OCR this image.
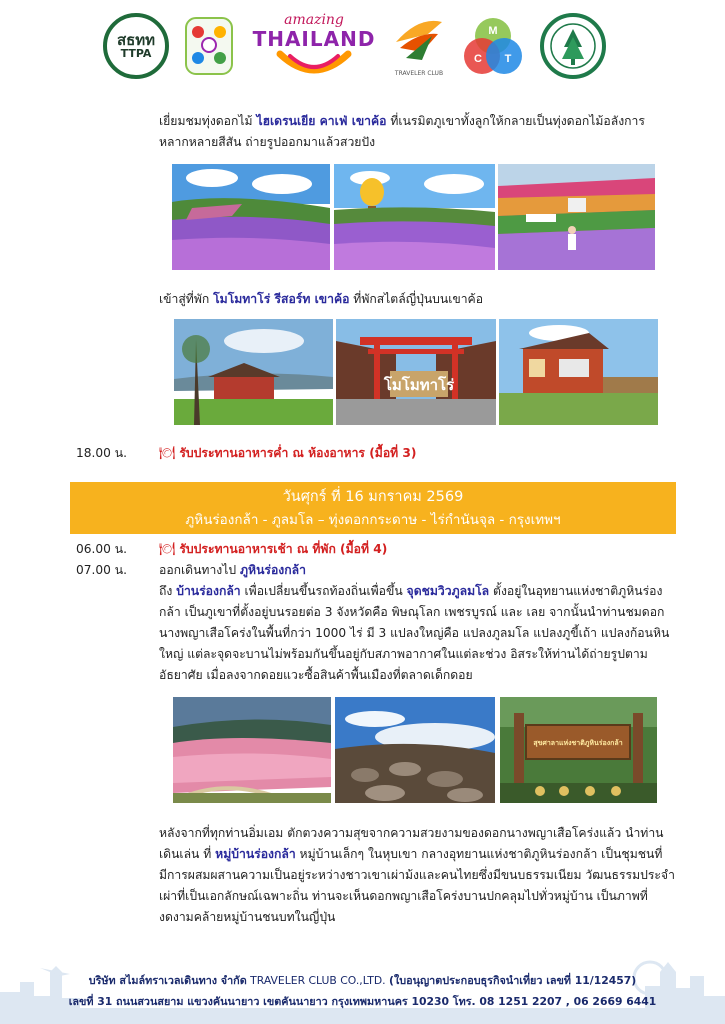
สธทท
TTPA
amazing
THAILAND
TRAVELER CLUB
M
C T
เยี่ยมชมทุ่งดอกไม้ ไฮเดรนเยีย คาเฟ่ เขาค้อ ที่เนรมิตภูเขาทั้งลูกให้กลายเป็นทุ่งดอกไม้อลังการ
หลากหลายสีสัน ถ่ายรูปออกมาแล้วสวยปัง
เข้าสู่ที่พัก โมโมทาโร่ รีสอร์ท เขาค้อ ที่พักสไตล์ญี่ปุ่นบนเขาค้อ
โมโมทาโร่
18.00 น. 🍽 รับประทานอาหารค่ำ ณ ห้องอาหาร (มื้อที่ 3)
วันศุกร์ ที่ 16 มกราคม 2569
ภูหินร่องกล้า - ภูลมโล – ทุ่งดอกกระดาษ - ไร่กำนันจุล - กรุงเทพฯ
06.00 น. 🍽 รับประทานอาหารเช้า ณ ที่พัก (มื้อที่ 4)
07.00 น.	ออกเดินทางไป ภูหินร่องกล้า
ถึง บ้านร่องกล้า เพื่อเปลี่ยนขึ้นรถท้องถิ่นเพื่อขึ้น จุดชมวิวภูลมโล ตั้งอยู่ในอุทยานแห่งชาติภูหินร่อง
กล้า เป็นภูเขาที่ตั้งอยู่บนรอยต่อ 3 จังหวัดคือ พิษณุโลก เพชรบูรณ์ และ เลย จากนั้นนำท่านชมดอก
นางพญาเสือโคร่งในพื้นที่กว่า 1000 ไร่ มี 3 แปลงใหญ่คือ แปลงภูลมโล แปลงภูขี้เถ้า แปลงก้อนหิน
ใหญ่ แต่ละจุดจะบานไม่พร้อมกันขึ้นอยู่กับสภาพอากาศในแต่ละช่วง อิสระให้ท่านได้ถ่ายรูปตาม
อัธยาศัย เมื่อลงจากดอยแวะซื้อสินค้าพื้นเมืองที่ตลาดเด็กดอย
สุขศาลาแห่งชาติภูหินร่องกล้า
หลังจากที่ทุกท่านอิ่มเอม ตักตวงความสุขจากความสวยงามของดอกนางพญาเสือโคร่งแล้ว นำท่าน
เดินเล่น ที่ หมู่บ้านร่องกล้า หมู่บ้านเล็กๆ ในหุบเขา กลางอุทยานแห่งชาติภูหินร่องกล้า เป็นชุมชนที่
มีการผสมผสานความเป็นอยู่ระหว่างชาวเขาเผ่าม้งและคนไทยซึ่งมีขนบธรรมเนียม วัฒนธรรมประจำ
เผ่าที่เป็นเอกลักษณ์เฉพาะถิ่น ท่านจะเห็นดอกพญาเสือโคร่งบานปกคลุมไปทั่วหมู่บ้าน เป็นภาพที่
งดงามคล้ายหมู่บ้านชนบทในญี่ปุ่น
บริษัท สไมล์ทราเวลเดินทาง จำกัด TRAVELER CLUB CO.,LTD. (ใบอนุญาตประกอบธุรกิจนำเที่ยว เลขที่ 11/12457)
เลขที่ 31 ถนนสวนสยาม แขวงคันนายาว เขตคันนายาว กรุงเทพมหานคร 10230 โทร. 08 1251 2207 , 06 2669 6441
